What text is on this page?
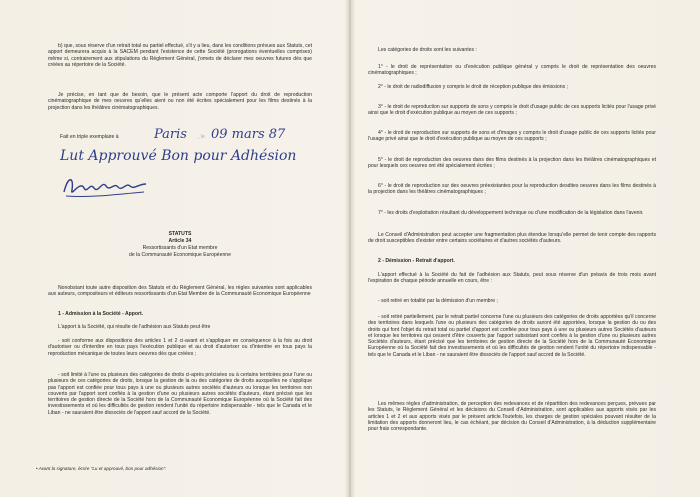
b) que, sous réserve d'un retrait total ou partiel effectué, s'il y a lieu, dans les conditions prévues aux Statuts, cet apport demeurera acquis à la SACEM pendant l'existence de cette Société (prorogations éventuelles comprises) même si, contrairement aux stipulations du Règlement Général, j'omets de déclarer mes oeuvres futures dès que créées au répertoire de la Société.

Je précise, en tant que de besoin, que le présent acte comporte l'apport du droit de reproduction cinématographique de mes oeuvres qu'elles aient ou non été écrites spécialement pour les films destinés à la projection dans les théâtres cinématographiques.

Fait en triple exemplaire à	Paris , le 09 mars 87
Lut Approuvé Bon pour Adhésion
STATUTS
Article 34
Ressortissants d'un Etat membre
de la Communauté Economique Européenne

Nonobstant toute autre disposition des Statuts et du Règlement Général, les règles suivantes sont applicables aux auteurs, compositeurs et éditeurs ressortissants d'un Etat Membre de la Communauté Economique Européenne

1 - Admission à la Société - Apport.

L'apport à la Société, qui résulte de l'adhésion aux Statuts peut être

- soit conforme aux dispositions des articles 1 et 2 ci-avant et s'appliquer en conséquence à la fois au droit d'autoriser ou d'interdire en tous pays l'exécution publique et au droit d'autoriser ou d'interdire en tous pays la reproduction mécanique de toutes leurs oeuvres dès que créées ;

- soit limité à l'une ou plusieurs des catégories de droits ci-après précisées ou à certains territoires pour l'une ou plusieurs de ces catégories de droits, lorsque la gestion de la ou des catégories de droits auxquelles ne s'applique pas l'apport est confiée pour tous pays à une ou plusieurs autres sociétés d'auteurs ou lorsque les territoires non couverts par l'apport sont confiés à la gestion d'une ou plusieurs autres sociétés d'auteurs, étant précisé que les territoires de gestion directe de la Société hors de la Communauté Economique Européenne où la Société fait des investissements et où les difficultés de gestion rendent l'unité du répertoire indispensable - tels que le Canada et le Liban - ne sauraient être dissociés de l'apport sauf accord de la Société.

• Avant la signature, écrire "Lu et approuvé, bon pour adhésion".

Les catégories de droits sont les suivantes :

1° - le droit de représentation ou d'exécution publique général y compris le droit de représentation des oeuvres cinématographiques ;

2° - le droit de radiodiffusion y compris le droit de réception publique des émissions ;

3° - le droit de reproduction sur supports de sons y compris le droit d'usage public de ces supports licités pour l'usage privé ainsi que le droit d'exécution publique au moyen de ces supports ;

4° - le droit de reproduction sur supports de sons et d'images y compris le droit d'usage public de ces supports licités pour l'usage privé ainsi que le droit d'exécution publique au moyen de ces supports ;

5° - le droit de reproduction des oeuvres dans des films destinés à la projection dans les théâtres cinématographiques et pour lesquels ces oeuvres ont été spécialement écrites ;

6° - le droit de reproduction sur des oeuvres préexistantes pour la reproduction desdites oeuvres dans les films destinés à la projection dans les théâtres cinématographiques ;

7° - les droits d'exploitation résultant du développement technique ou d'une modification de la législation dans l'avenir.

Le Conseil d'Administration peut accepter une fragmentation plus étendue lorsqu'elle permet de tenir compte des rapports de droit susceptibles d'exister entre certains sociétaires et d'autres sociétés d'auteurs.

2 - Démission - Retrait d'apport.

L'apport effectué à la Société du fait de l'adhésion aux Statuts, peut sous réserve d'un préavis de trois mois avant l'expiration de chaque période annuelle en cours, être :

- soit retiré en totalité par la démission d'un membre ;

- soit retiré partiellement, par le retrait partiel concerne l'une ou plusieurs des catégories de droits apportées qu'il concerne des territoires dans lesquels l'une ou plusieurs des catégories de droits auront été apportées, lorsque la gestion du ou des droits qui font l'objet du retrait total ou partiel d'apport est confiée pour tous pays à une ou plusieurs autres Sociétés d'auteurs et lorsque les territoires qui cessent d'être couverts par l'apport subsistant sont confiés à la gestion d'une ou plusieurs autres Sociétés d'auteurs, étant précisé que les territoires de gestion directe de la Société hors de la Communauté Economique Européenne où la Société fait des investissements et où les difficultés de gestion rendent l'unité du répertoire indispensable - tels que le Canada et le Liban - ne sauraient être dissociés de l'apport sauf accord de la Société.

Les mêmes règles d'administration, de perception des redevances et de répartition des redevances perçues, prévues par les Statuts, le Règlement Général et les décisions du Conseil d'Administration, sont applicables aux apports visés par les articles 1 et 2 et aux apports visés par le présent article.Toutefois, les charges de gestion spéciales pouvant résulter de la limitation des apports donneront lieu, le cas échéant, par décision du Conseil d'Administration, à la déduction supplémentaire pour frais correspondante.
